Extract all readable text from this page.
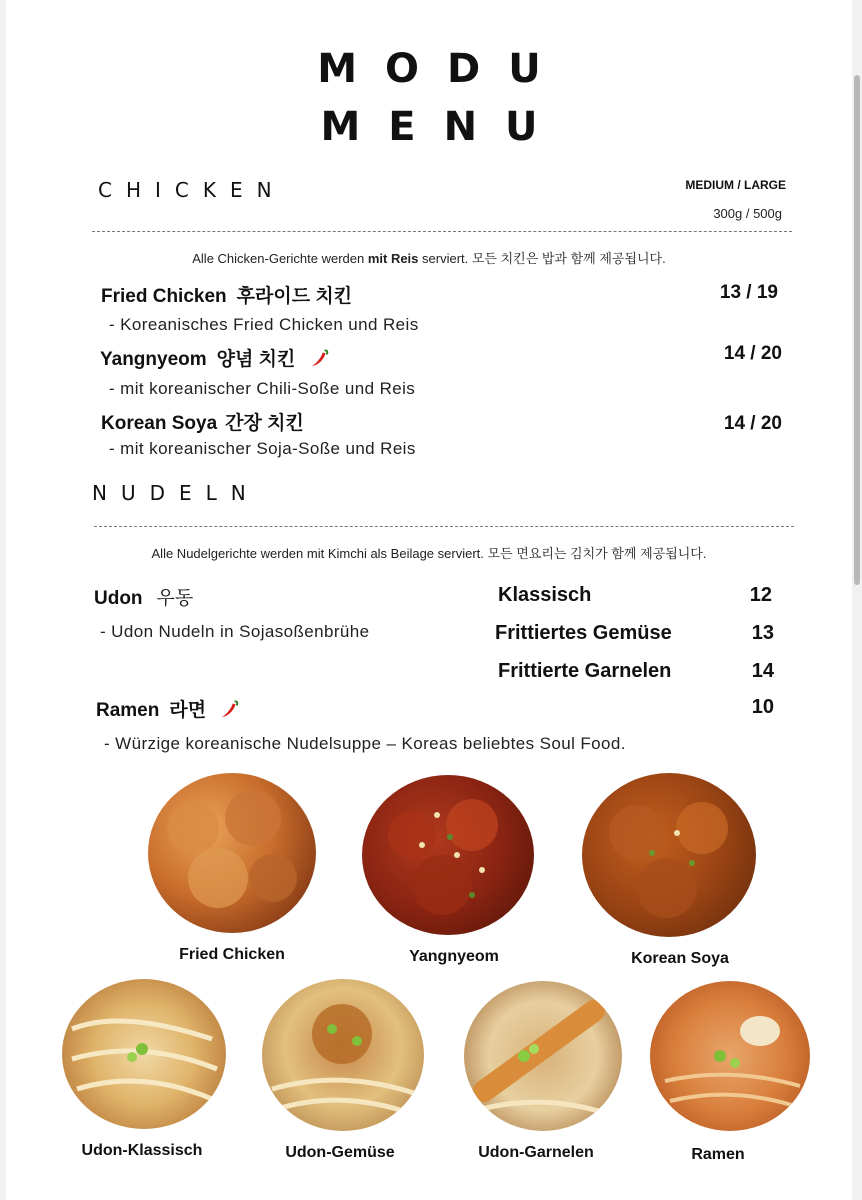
MODU
MENU
CHICKEN	MEDIUM / LARGE
300g / 500g
Alle Chicken-Gerichte werden mit Reis serviert. 모든 치킨은 밥과 함께 제공됩니다.
Fried Chicken 후라이드 치킨	13 / 19
- Koreanisches Fried Chicken und Reis
Yangnyeom 양념 치킨	14 / 20
- mit koreanischer Chili-Soße und Reis
Korean Soya 간장 치킨	14 / 20
- mit koreanischer Soja-Soße und Reis
NUDELN
Alle Nudelgerichte werden mit Kimchi als Beilage serviert. 모든 면요리는 김치가 함께 제공됩니다.
Udon 우동
- Udon Nudeln in Sojasoßenbrühe
Klassisch	12
Frittiertes Gemüse	13
Frittierte Garnelen	14
Ramen 라면	10
- Würzige koreanische Nudelsuppe – Koreas beliebtes Soul Food.
Fried Chicken	Yangnyeom	Korean Soya
Udon-Klassisch	Udon-Gemüse	Udon-Garnelen	Ramen
